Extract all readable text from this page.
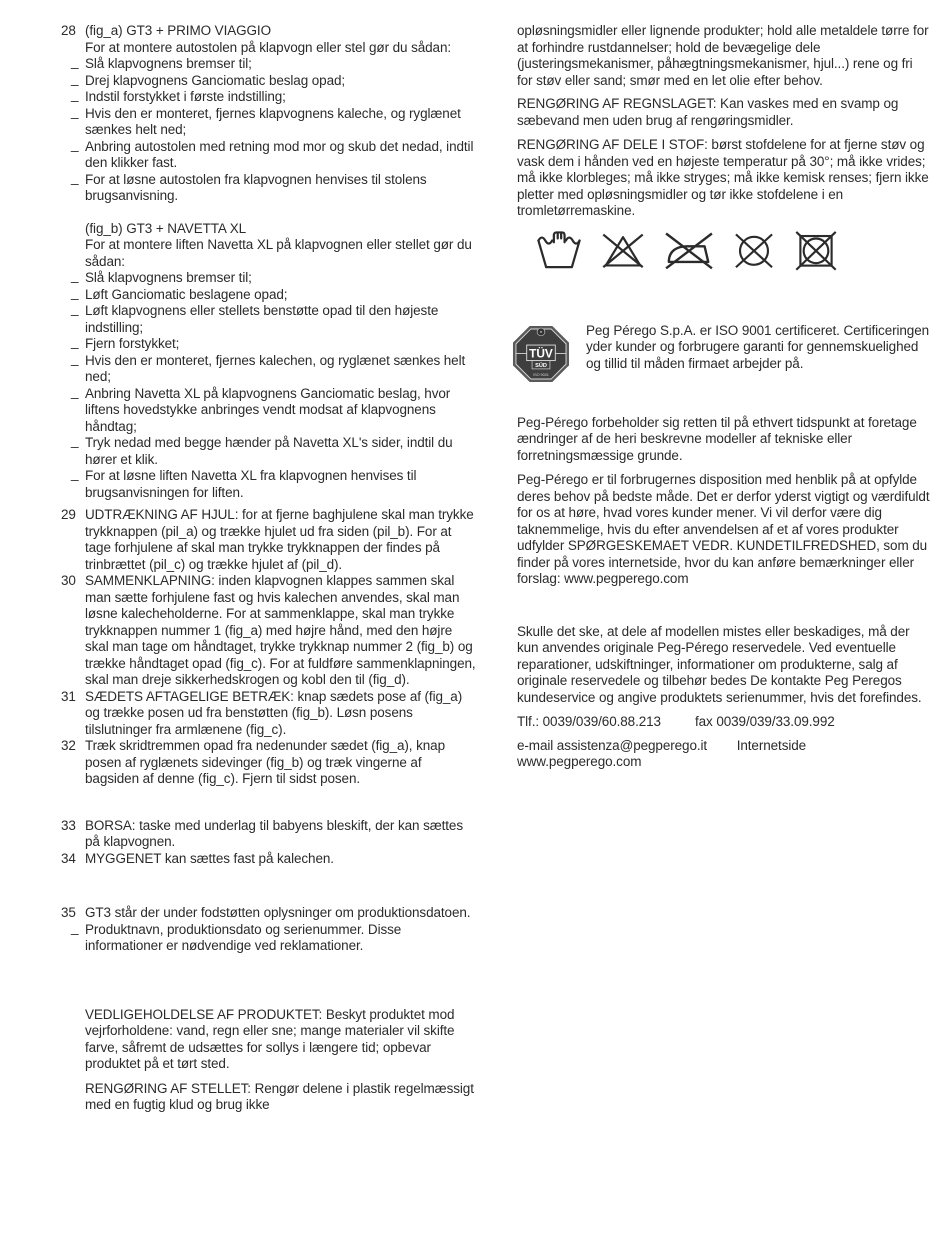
28 (fig_a) GT3 + PRIMO VIAGGIO
For at montere autostolen på klapvogn eller stel gør du sådan:
_ Slå klapvognens bremser til;
_ Drej klapvognens Ganciomatic beslag opad;
_ Indstil forstykket i første indstilling;
_ Hvis den er monteret, fjernes klapvognens kaleche, og ryglænet sænkes helt ned;
_ Anbring autostolen med retning mod mor og skub det nedad, indtil den klikker fast.
_ For at løsne autostolen fra klapvognen henvises til stolens brugsanvisning.
(fig_b) GT3 + NAVETTA XL
For at montere liften Navetta XL på klapvognen eller stellet gør du sådan:
_ Slå klapvognens bremser til;
_ Løft Ganciomatic beslagene opad;
_ Løft klapvognens eller stellets benstøtte opad til den højeste indstilling;
_ Fjern forstykket;
_ Hvis den er monteret, fjernes kalechen, og ryglænet sænkes helt ned;
_ Anbring Navetta XL på klapvognens Ganciomatic beslag, hvor liftens hovedstykke anbringes vendt modsat af klapvognens håndtag;
_ Tryk nedad med begge hænder på Navetta XL's sider, indtil du hører et klik.
_ For at løsne liften Navetta XL fra klapvognen henvises til brugsanvisningen for liften.
29 UDTRÆKNING AF HJUL: for at fjerne baghjulene skal man trykke trykknappen (pil_a) og trække hjulet ud fra siden (pil_b). For at tage forhjulene af skal man trykke trykknappen der findes på trinbrættet (pil_c) og trække hjulet af (pil_d).
30 SAMMENKLAPNING: inden klapvognen klappes sammen skal man sætte forhjulene fast og hvis kalechen anvendes, skal man løsne kalecheholderne. For at sammenklappe, skal man trykke trykknappen nummer 1 (fig_a) med højre hånd, med den højre skal man tage om håndtaget, trykke trykknap nummer 2 (fig_b) og trække håndtaget opad (fig_c). For at fuldføre sammenklapningen, skal man dreje sikkerhedskrogen og kobl den til (fig_d).
31 SÆDETS AFTAGELIGE BETRÆK: knap sædets pose af (fig_a) og trække posen ud fra benstøtten (fig_b). Løsn posens tilslutninger fra armlænene (fig_c).
32 Træk skridtremmen opad fra nedenunder sædet (fig_a), knap posen af ryglænets sidevinger (fig_b) og træk vingerne af bagsiden af denne (fig_c). Fjern til sidst posen.
33 BORSA: taske med underlag til babyens bleskift, der kan sættes på klapvognen.
34 MYGGENET kan sættes fast på kalechen.
35 GT3 står der under fodstøtten oplysninger om produktionsdatoen.
_ Produktnavn, produktionsdato og serienummer. Disse informationer er nødvendige ved reklamationer.
VEDLIGEHOLDELSE AF PRODUKTET: Beskyt produktet mod vejrforholdene: vand, regn eller sne; mange materialer vil skifte farve, såfremt de udsættes for sollys i længere tid; opbevar produktet på et tørt sted.
RENGØRING AF STELLET: Rengør delene i plastik regelmæssigt med en fugtig klud og brug ikke
opløsningsmidler eller lignende produkter; hold alle metaldele tørre for at forhindre rustdannelser; hold de bevægelige dele (justeringsmekanismer, påhægtningsmekanismer, hjul...) rene og fri for støv eller sand; smør med en let olie efter behov.
RENGØRING AF REGNSLAGET: Kan vaskes med en svamp og sæbevand men uden brug af rengøringsmidler.
RENGØRING AF DELE I STOF: børst stofdelene for at fjerne støv og vask dem i hånden ved en højeste temperatur på 30°; må ikke vrides; må ikke klorbleges; må ikke stryges; må ikke kemisk renses; fjern ikke pletter med opløsningsmidler og tør ikke stofdelene i en tromletørremaskine.
TÜV
SÜD
ISO 9001
Peg Pérego S.p.A. er ISO 9001 certificeret. Certificeringen yder kunder og forbrugere garanti for gennemskuelighed og tillid til måden firmaet arbejder på.
Peg-Pérego forbeholder sig retten til på ethvert tidspunkt at foretage ændringer af de heri beskrevne modeller af tekniske eller forretningsmæssige grunde.
Peg-Pérego er til forbrugernes disposition med henblik på at opfylde deres behov på bedste måde. Det er derfor yderst vigtigt og værdifuldt for os at høre, hvad vores kunder mener. Vi vil derfor være dig taknemmelige, hvis du efter anvendelsen af et af vores produkter udfylder SPØRGESKEMAET VEDR. KUNDETILFREDSHED, som du finder på vores internetside, hvor du kan anføre bemærkninger eller forslag: www.pegperego.com
Skulle det ske, at dele af modellen mistes eller beskadiges, må der kun anvendes originale Peg-Pérego reservedele. Ved eventuelle reparationer, udskiftninger, informationer om produkterne, salg af originale reservedele og tilbehør bedes De kontakte Peg Peregos kundeservice og angive produktets serienummer, hvis det forefindes.
Tlf.: 0039/039/60.88.213	fax 0039/039/33.09.992
e-mail assistenza@pegperego.it Internetside www.pegperego.com
